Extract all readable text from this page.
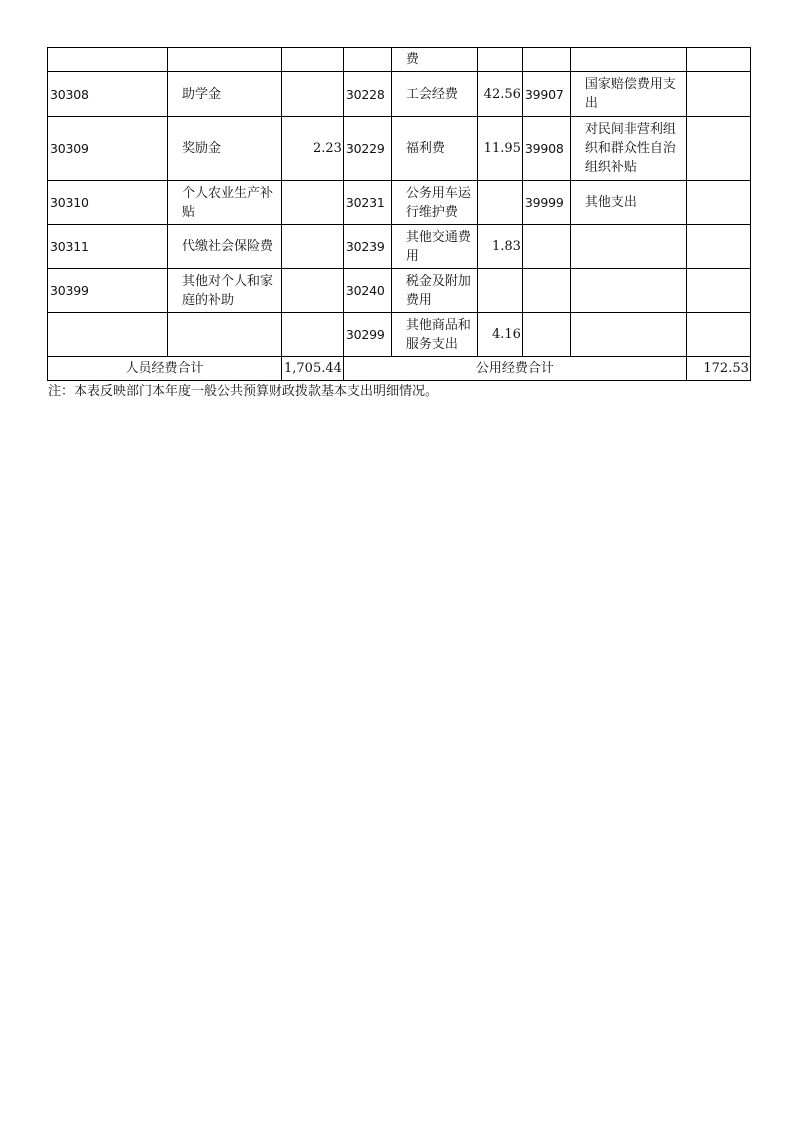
				费				
30308	助学金		30228	工会经费	42.56	39907	国家赔偿费用支出	
30309	奖励金	2.23	30229	福利费	11.95	39908	对民间非营利组织和群众性自治组织补贴	
30310	个人农业生产补贴		30231	公务用车运行维护费		39999	其他支出	
30311	代缴社会保险费		30239	其他交通费用	1.83			
30399	其他对个人和家庭的补助		30240	税金及附加费用				
			30299	其他商品和服务支出	4.16			
人员经费合计		1,705.44	公用经费合计					172.53
注：本表反映部门本年度一般公共预算财政拨款基本支出明细情况。
